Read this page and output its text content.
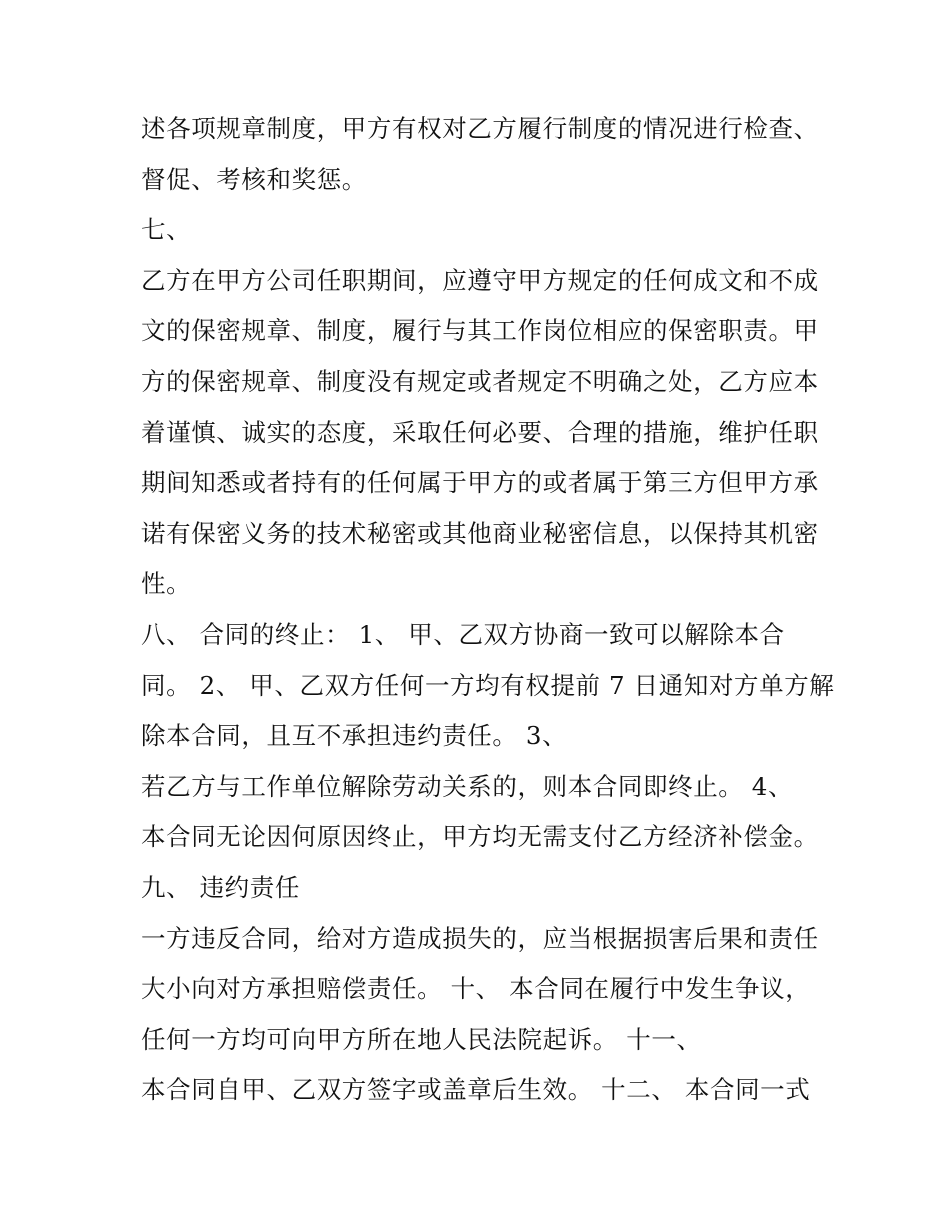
述各项规章制度，甲方有权对乙方履行制度的情况进行检查、
督促、考核和奖惩。
七、
乙方在甲方公司任职期间，应遵守甲方规定的任何成文和不成
文的保密规章、制度，履行与其工作岗位相应的保密职责。甲
方的保密规章、制度没有规定或者规定不明确之处，乙方应本
着谨慎、诚实的态度，采取任何必要、合理的措施，维护任职
期间知悉或者持有的任何属于甲方的或者属于第三方但甲方承
诺有保密义务的技术秘密或其他商业秘密信息，以保持其机密
性。
八、 合同的终止： 1、 甲、乙双方协商一致可以解除本合
同。 2、 甲、乙双方任何一方均有权提前 7 日通知对方单方解
除本合同，且互不承担违约责任。 3、
若乙方与工作单位解除劳动关系的，则本合同即终止。 4、
本合同无论因何原因终止，甲方均无需支付乙方经济补偿金。
九、 违约责任
一方违反合同，给对方造成损失的，应当根据损害后果和责任
大小向对方承担赔偿责任。 十、 本合同在履行中发生争议，
任何一方均可向甲方所在地人民法院起诉。 十一、
本合同自甲、乙双方签字或盖章后生效。 十二、 本合同一式
